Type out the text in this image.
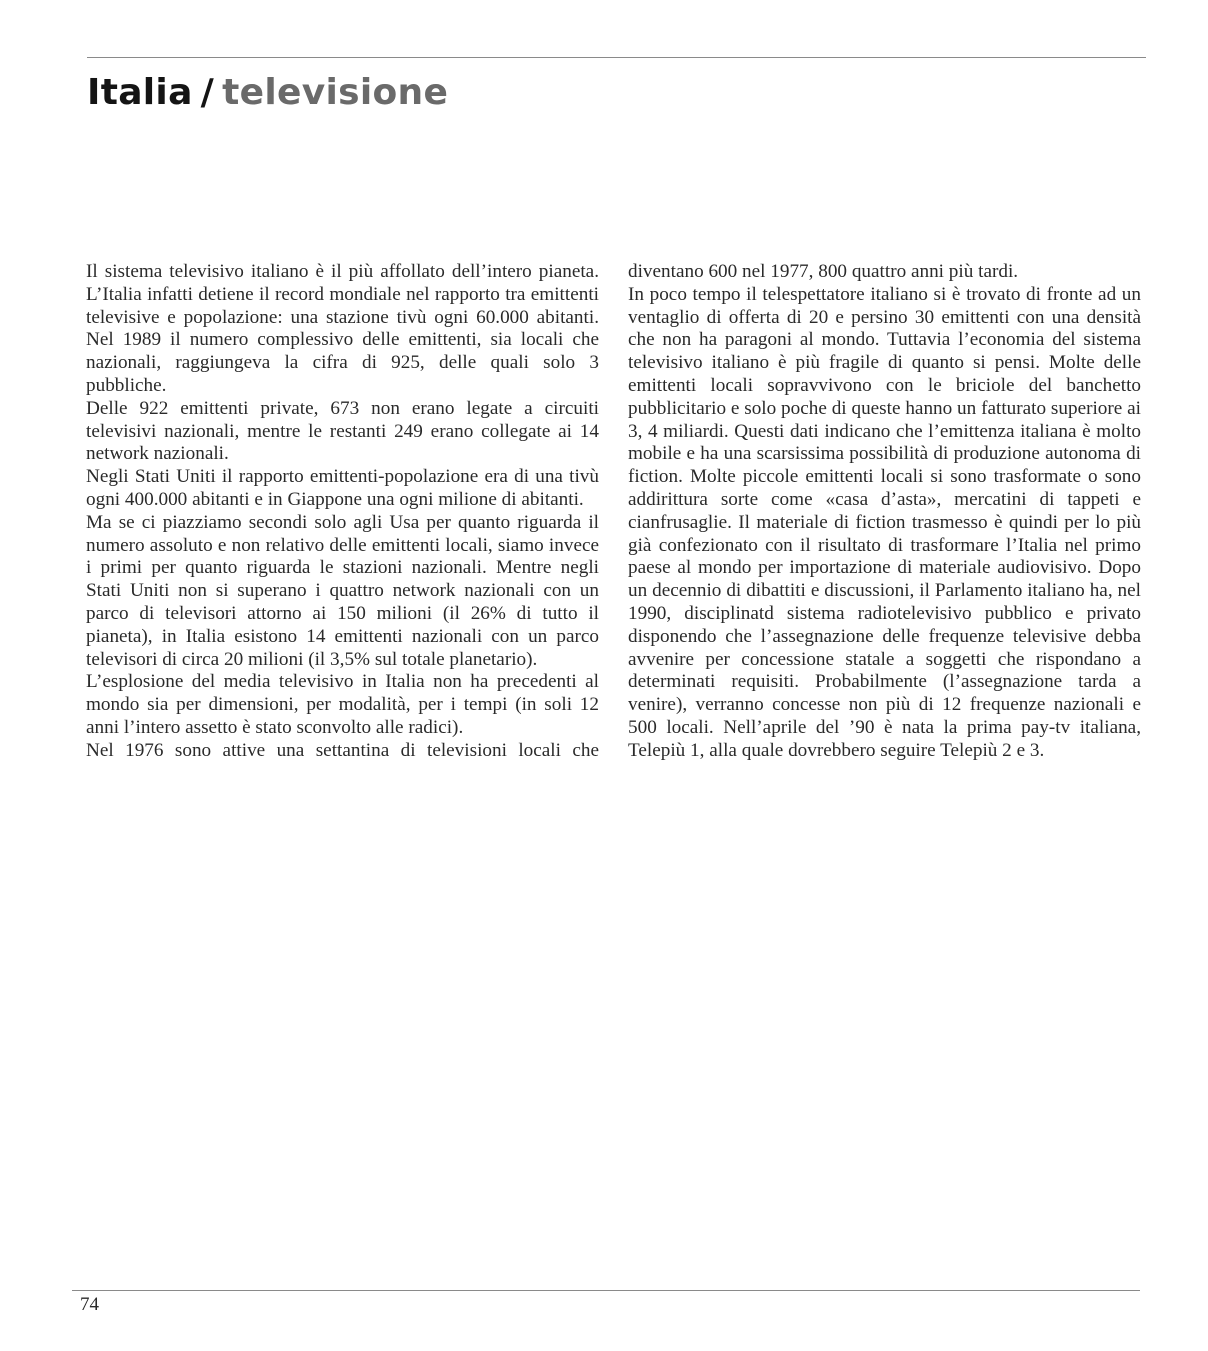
Italia / televisione

Il sistema televisivo italiano è il più affollato dell’intero pianeta. L’Italia infatti detiene il record mondiale nel rapporto tra emittenti televisive e popolazione: una stazione tivù ogni 60.000 abitanti. Nel 1989 il numero complessivo delle emittenti, sia locali che nazionali, raggiungeva la cifra di 925, delle quali solo 3 pubbliche.

Delle 922 emittenti private, 673 non erano legate a circuiti televisivi nazionali, mentre le restanti 249 erano collegate ai 14 network nazionali.

Negli Stati Uniti il rapporto emittenti-popolazione era di una tivù ogni 400.000 abitanti e in Giappone una ogni milione di abitanti.

Ma se ci piazziamo secondi solo agli Usa per quanto riguarda il numero assoluto e non relativo delle emittenti locali, siamo invece i primi per quanto riguarda le stazioni nazionali. Mentre negli Stati Uniti non si superano i quattro network nazionali con un parco di televisori attorno ai 150 milioni (il 26% di tutto il pianeta), in Italia esistono 14 emittenti nazionali con un parco televisori di circa 20 milioni (il 3,5% sul totale planetario).

L’esplosione del media televisivo in Italia non ha precedenti al mondo sia per dimensioni, per modalità, per i tempi (in soli 12 anni l’intero assetto è stato sconvolto alle radici).

Nel 1976 sono attive una settantina di televisioni locali che

diventano 600 nel 1977, 800 quattro anni più tardi.

In poco tempo il telespettatore italiano si è trovato di fronte ad un ventaglio di offerta di 20 e persino 30 emittenti con una densità che non ha paragoni al mondo. Tuttavia l’economia del sistema televisivo italiano è più fragile di quanto si pensi. Molte delle emittenti locali sopravvivono con le briciole del banchetto pubblicitario e solo poche di queste hanno un fatturato superiore ai 3, 4 miliardi. Questi dati indicano che l’emittenza italiana è molto mobile e ha una scarsissima possibilità di produzione autonoma di fiction. Molte piccole emittenti locali si sono trasformate o sono addirittura sorte come «casa d’asta», mercatini di tappeti e cianfrusaglie. Il materiale di fiction trasmesso è quindi per lo più già confezionato con il risultato di trasformare l’Italia nel primo paese al mondo per importazione di materiale audiovisivo. Dopo un decennio di dibattiti e discussioni, il Parlamento italiano ha, nel 1990, disciplinatd sistema radiotelevisivo pubblico e privato disponendo che l’assegnazione delle frequenze televisive debba avvenire per concessione statale a soggetti che rispondano a determinati requisiti. Probabilmente (l’assegnazione tarda a venire), verranno concesse non più di 12 frequenze nazionali e 500 locali. Nell’aprile del ’90 è nata la prima pay-tv italiana, Telepiù 1, alla quale dovrebbero seguire Telepiù 2 e 3.

74
